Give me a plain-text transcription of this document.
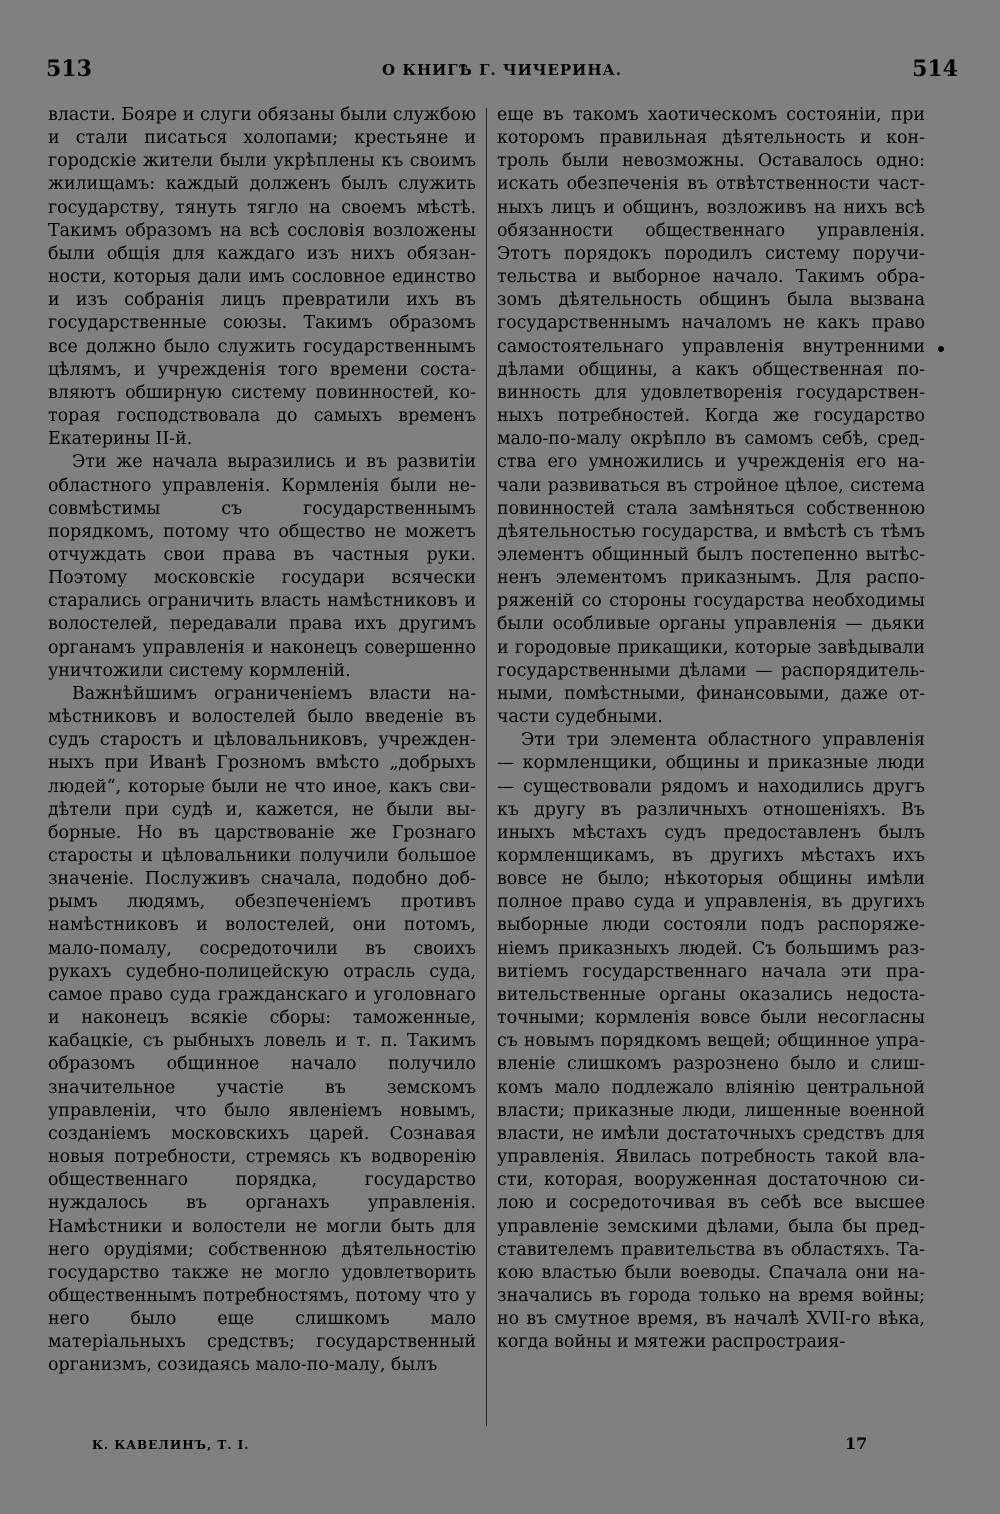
513	О КНИГѢ Г. ЧИЧЕРИНА.	514

власти. Бояре и слуги обязаны были службою и стали писаться холопами; крестьяне и городскіе жители были укрѣплены къ своимъ жилищамъ: каждый долженъ былъ служить государству, тянуть тягло на своемъ мѣстѣ. Такимъ образомъ на всѣ сословія возложены были общія для каждаго изъ нихъ обязанности, которыя дали имъ сословное единство и изъ собранія лицъ превратили ихъ въ государственные союзы. Такимъ образомъ все должно было служить государственнымъ цѣлямъ, и учрежденія того времени составляютъ обширную систему повинностей, которая господствовала до самыхъ временъ Екатерины II-й.

Эти же начала выразились и въ развитіи областного управленія. Кормленія были несовмѣстимы съ государственнымъ порядкомъ, потому что общество не можетъ отчуждать свои права въ частныя руки. Поэтому московскіе государи всячески старались ограничить власть намѣстниковъ и волостелей, передавали права ихъ другимъ органамъ управленія и наконецъ совершенно уничтожили систему кормленій.

Важнѣйшимъ ограниченіемъ власти намѣстниковъ и волостелей было введеніе въ судъ старостъ и цѣловальниковъ, учрежденныхъ при Иванѣ Грозномъ вмѣсто „добрыхъ людей“, которые были не что иное, какъ свидѣтели при судѣ и, кажется, не были выборные. Но въ царствованіе же Грознаго старосты и цѣловальники получили большое значеніе. Послуживъ сначала, подобно добрымъ людямъ, обезпеченіемъ противъ намѣстниковъ и волостелей, они потомъ, мало-помалу, сосредоточили въ своихъ рукахъ судебно-полицейскую отрасль суда, самое право суда гражданскаго и уголовнаго и наконецъ всякіе сборы: таможенные, кабацкіе, съ рыбныхъ ловель и т. п. Такимъ образомъ общинное начало получило значительное участіе въ земскомъ управленіи, что было явленіемъ новымъ, созданіемъ московскихъ царей. Сознавая новыя потребности, стремясь къ водворенію общественнаго порядка, государство нуждалось въ органахъ управленія. Намѣстники и волостели не могли быть для него орудіями; собственною дѣятельностію государство также не могло удовлетворить общественнымъ потребностямъ, потому что у него было еще слишкомъ мало матеріальныхъ средствъ; государственный организмъ, созидаясь мало-по-малу, былъ

еще въ такомъ хаотическомъ состояніи, при которомъ правильная дѣятельность и контроль были невозможны. Оставалось одно: искать обезпеченія въ отвѣтственности частныхъ лицъ и общинъ, возложивъ на нихъ всѣ обязанности общественнаго управленія. Этотъ порядокъ породилъ систему поручительства и выборное начало. Такимъ образомъ дѣятельность общинъ была вызвана государственнымъ началомъ не какъ право самостоятельнаго управленія внутренними дѣлами общины, а какъ общественная повинность для удовлетворенія государственныхъ потребностей. Когда же государство мало-по-малу окрѣпло въ самомъ себѣ, средства его умножились и учрежденія его начали развиваться въ стройное цѣлое, система повинностей стала замѣняться собственною дѣятельностью государства, и вмѣстѣ съ тѣмъ элементъ общинный былъ постепенно вытѣсненъ элементомъ приказнымъ. Для распоряженій со стороны государства необходимы были особливые органы управленія — дьяки и городовые прикащики, которые завѣдывали государственными дѣлами — распорядительными, помѣстными, финансовыми, даже отчасти судебными.

Эти три элемента областного управленія — кормленщики, общины и приказные люди — существовали рядомъ и находились другъ къ другу въ различныхъ отношеніяхъ. Въ иныхъ мѣстахъ судъ предоставленъ былъ кормленщикамъ, въ другихъ мѣстахъ ихъ вовсе не было; нѣкоторыя общины имѣли полное право суда и управленія, въ другихъ выборные люди состояли подъ распоряженіемъ приказныхъ людей. Съ большимъ развитіемъ государственнаго начала эти правительственные органы оказались недостаточными; кормленія вовсе были несогласны съ новымъ порядкомъ вещей; общинное управленіе слишкомъ разрознено было и слишкомъ мало подлежало вліянію центральной власти; приказные люди, лишенные военной власти, не имѣли достаточныхъ средствъ для управленія. Явилась потребность такой власти, которая, вооруженная достаточною силою и сосредоточивая въ себѣ все высшее управленіе земскими дѣлами, была бы представителемъ правительства въ областяхъ. Такою властью были воеводы. Спачала они назначались въ города только на время войны; но въ смутное время, въ началѣ XVII-го вѣка, когда войны и мятежи распростраия-

К. КАВЕЛИНЪ, Т. I.	17
